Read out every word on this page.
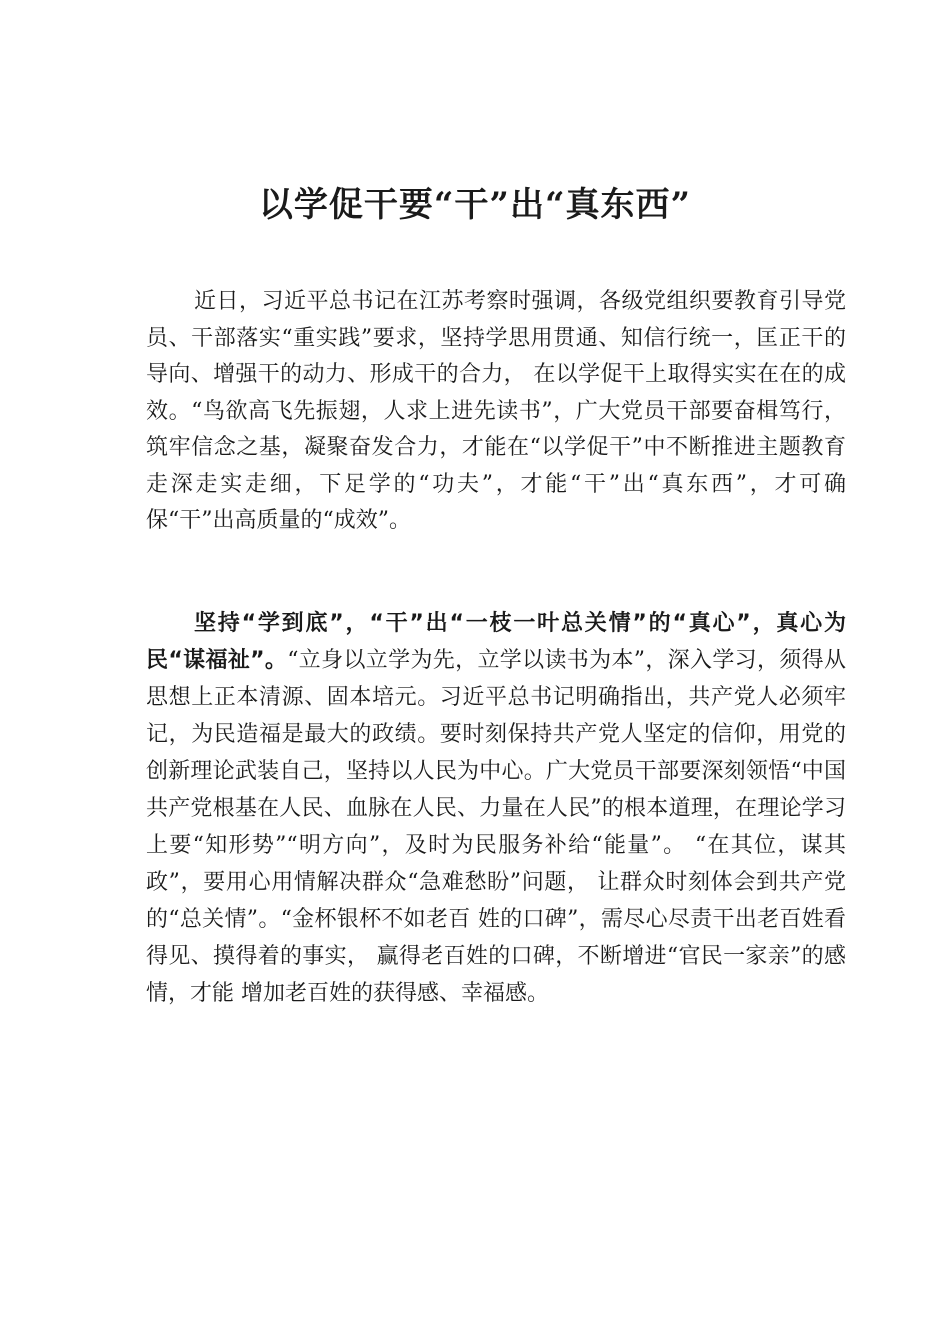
以学促干要“干”出“真东西”

近日，习近平总书记在江苏考察时强调，各级党组织要教育引导党员、干部落实“重实践”要求，坚持学思用贯通、知信行统一，匡正干的导向、增强干的动力、形成干的合力， 在以学促干上取得实实在在的成效。“鸟欲高飞先振翅，人求上进先读书”，广大党员干部要奋楫笃行，筑牢信念之基，凝聚奋发合力，才能在“以学促干”中不断推进主题教育走深走实走细，下足学的“功夫”，才能“干”出“真东西”，才可确保“干”出高质量的“成效”。

坚持“学到底”，“干”出“一枝一叶总关情”的“真心”，真心为民“谋福祉”。“立身以立学为先，立学以读书为本”，深入学习，须得从思想上正本清源、固本培元。习近平总书记明确指出，共产党人必须牢记，为民造福是最大的政绩。要时刻保持共产党人坚定的信仰，用党的创新理论武装自己，坚持以人民为中心。广大党员干部要深刻领悟“中国共产党根基在人民、血脉在人民、力量在人民”的根本道理，在理论学习上要“知形势”“明方向”，及时为民服务补给“能量”。 “在其位，谋其政”，要用心用情解决群众“急难愁盼”问题， 让群众时刻体会到共产党的“总关情”。“金杯银杯不如老百 姓的口碑”，需尽心尽责干出老百姓看得见、摸得着的事实， 赢得老百姓的口碑，不断增进“官民一家亲”的感情，才能 增加老百姓的获得感、幸福感。
